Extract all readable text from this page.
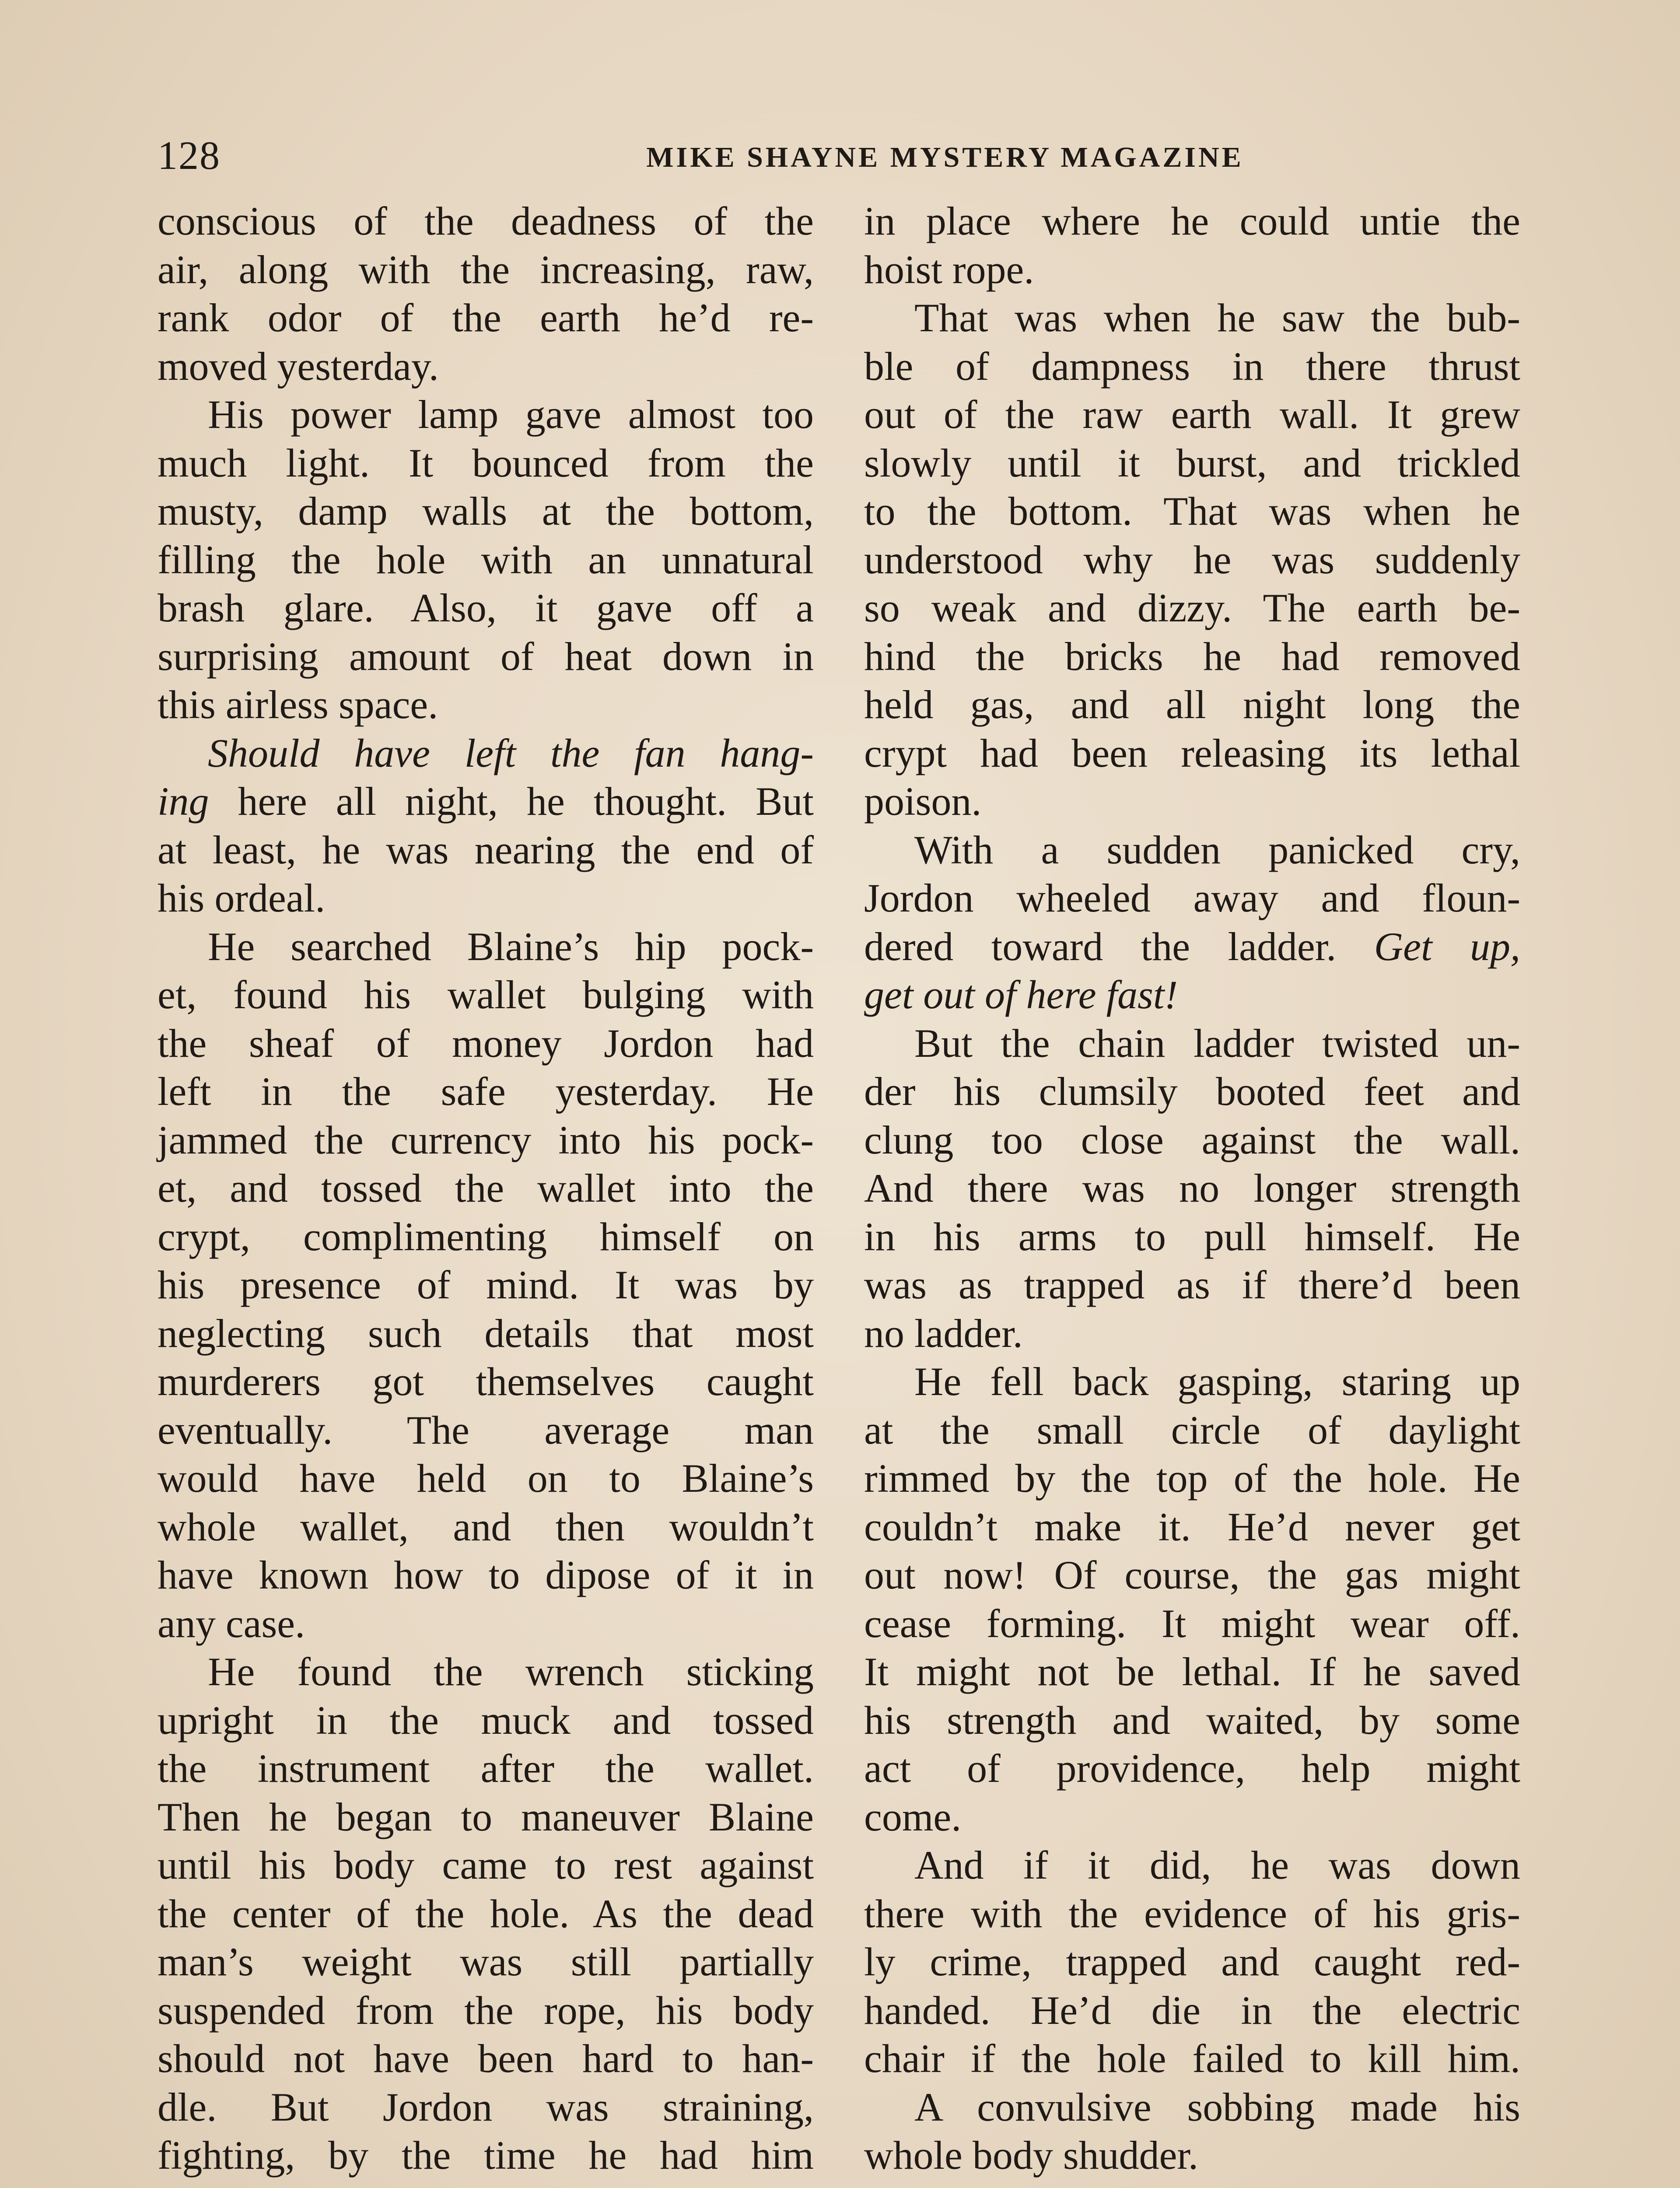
128	MIKE SHAYNE MYSTERY MAGAZINE
conscious of the deadness of the
air, along with the increasing, raw,
rank odor of the earth he’d re-
moved yesterday.
His power lamp gave almost too
much light. It bounced from the
musty, damp walls at the bottom,
filling the hole with an unnatural
brash glare. Also, it gave off a
surprising amount of heat down in
this airless space.
Should have left the fan hang-
ing here all night, he thought. But
at least, he was nearing the end of
his ordeal.
He searched Blaine’s hip pock-
et, found his wallet bulging with
the sheaf of money Jordon had
left in the safe yesterday. He
jammed the currency into his pock-
et, and tossed the wallet into the
crypt, complimenting himself on
his presence of mind. It was by
neglecting such details that most
murderers got themselves caught
eventually. The average man
would have held on to Blaine’s
whole wallet, and then wouldn’t
have known how to dipose of it in
any case.
He found the wrench sticking
upright in the muck and tossed
the instrument after the wallet.
Then he began to maneuver Blaine
until his body came to rest against
the center of the hole. As the dead
man’s weight was still partially
suspended from the rope, his body
should not have been hard to han-
dle. But Jordon was straining,
fighting, by the time he had him
in place where he could untie the
hoist rope.
That was when he saw the bub-
ble of dampness in there thrust
out of the raw earth wall. It grew
slowly until it burst, and trickled
to the bottom. That was when he
understood why he was suddenly
so weak and dizzy. The earth be-
hind the bricks he had removed
held gas, and all night long the
crypt had been releasing its lethal
poison.
With a sudden panicked cry,
Jordon wheeled away and floun-
dered toward the ladder. Get up,
get out of here fast!
But the chain ladder twisted un-
der his clumsily booted feet and
clung too close against the wall.
And there was no longer strength
in his arms to pull himself. He
was as trapped as if there’d been
no ladder.
He fell back gasping, staring up
at the small circle of daylight
rimmed by the top of the hole. He
couldn’t make it. He’d never get
out now! Of course, the gas might
cease forming. It might wear off.
It might not be lethal. If he saved
his strength and waited, by some
act of providence, help might
come.
And if it did, he was down
there with the evidence of his gris-
ly crime, trapped and caught red-
handed. He’d die in the electric
chair if the hole failed to kill him.
A convulsive sobbing made his
whole body shudder.
